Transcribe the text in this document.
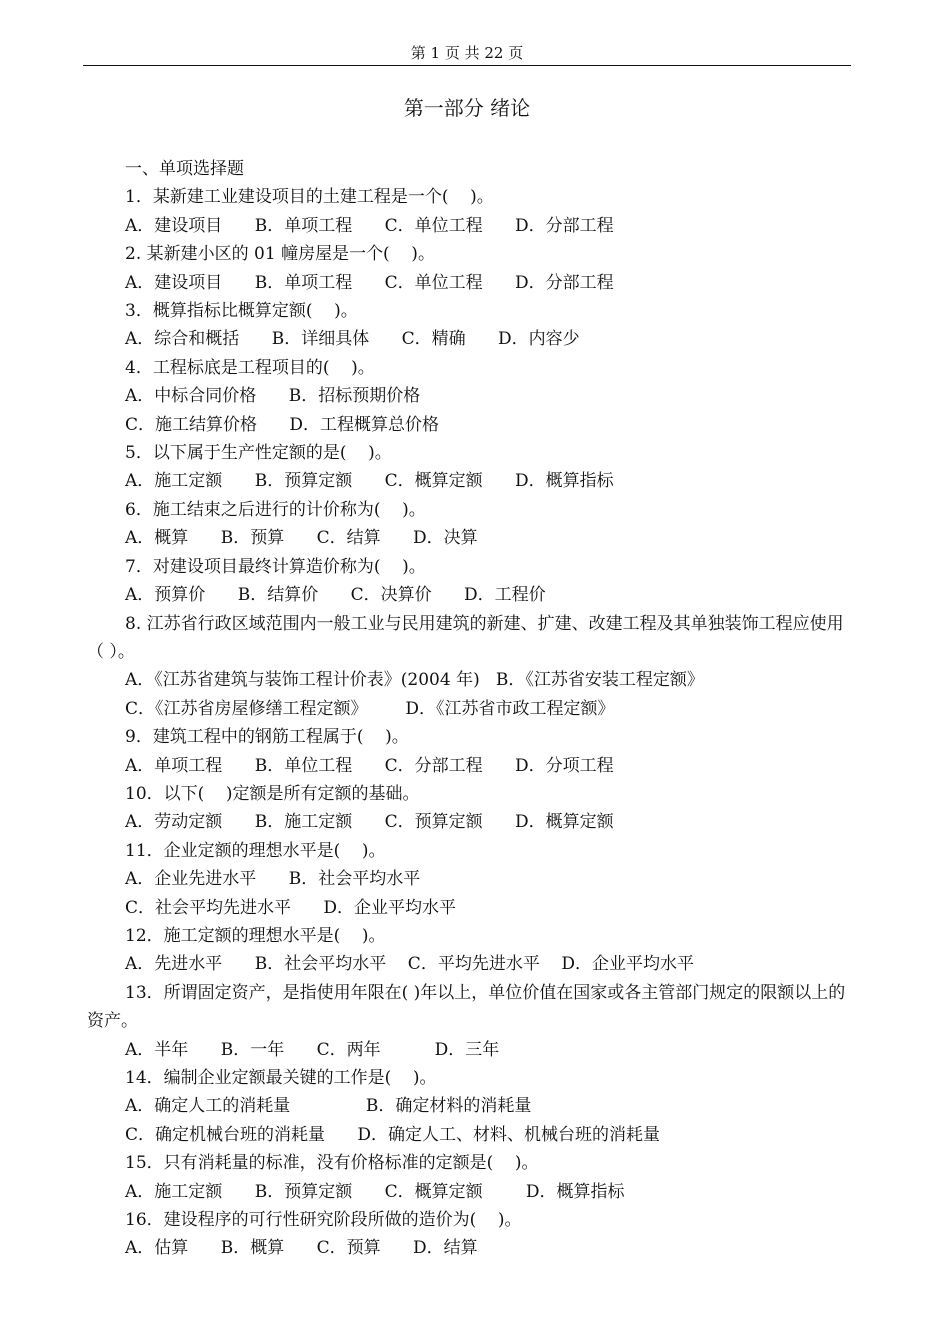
第 1 页 共 22 页
第一部分 绪论
一、单项选择题
1．某新建工业建设项目的土建工程是一个(    )。
A．建设项目      B．单项工程      C．单位工程      D．分部工程
2. 某新建小区的 01 幢房屋是一个(    )。
A．建设项目      B．单项工程      C．单位工程      D．分部工程
3．概算指标比概算定额(    )。
A．综合和概括      B．详细具体      C．精确      D．内容少
4．工程标底是工程项目的(    )。
A．中标合同价格      B．招标预期价格
C．施工结算价格      D．工程概算总价格
5．以下属于生产性定额的是(    )。
A．施工定额      B．预算定额      C．概算定额      D．概算指标
6．施工结束之后进行的计价称为(    )。
A．概算      B．预算      C．结算      D．决算
7．对建设项目最终计算造价称为(    )。
A．预算价      B．结算价      C．决算价      D．工程价
8. 江苏省行政区域范围内一般工业与民用建筑的新建、扩建、改建工程及其单独装饰工程应使用（ ）。
A．《江苏省建筑与装饰工程计价表》(2004 年)   B．《江苏省安装工程定额》
C．《江苏省房屋修缮工程定额》       D．《江苏省市政工程定额》
9．建筑工程中的钢筋工程属于(    )。
A．单项工程      B．单位工程      C．分部工程      D．分项工程
10．以下(    )定额是所有定额的基础。
A．劳动定额      B．施工定额      C．预算定额      D．概算定额
11．企业定额的理想水平是(    )。
A．企业先进水平      B．社会平均水平
C．社会平均先进水平      D．企业平均水平
12．施工定额的理想水平是(    )。
A．先进水平      B．社会平均水平    C．平均先进水平    D．企业平均水平
13．所谓固定资产，是指使用年限在( )年以上，单位价值在国家或各主管部门规定的限额以上的资产。
A．半年      B．一年      C．两年          D．三年
14．编制企业定额最关键的工作是(    )。
A．确定人工的消耗量              B．确定材料的消耗量
C．确定机械台班的消耗量      D．确定人工、材料、机械台班的消耗量
15．只有消耗量的标准，没有价格标准的定额是(    )。
A．施工定额      B．预算定额      C．概算定额        D．概算指标
16．建设程序的可行性研究阶段所做的造价为(    )。
A．估算      B．概算      C．预算      D．结算
